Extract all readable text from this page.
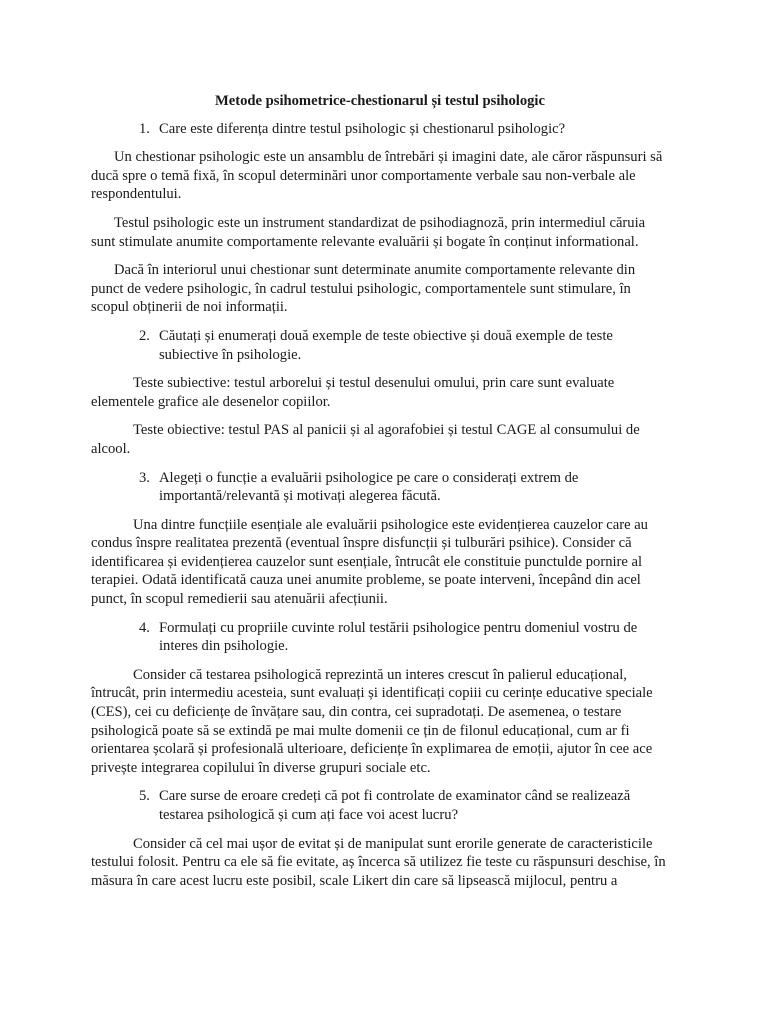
Metode psihometrice-chestionarul și testul psihologic
1. Care este diferența dintre testul psihologic și chestionarul psihologic?

Un chestionar psihologic este un ansamblu de întrebări și imagini date, ale căror răspunsuri să ducă spre o temă fixă, în scopul determinări unor comportamente verbale sau non-verbale ale respondentului.

Testul psihologic este un instrument standardizat de psihodiagnoză, prin intermediul căruia sunt stimulate anumite comportamente relevante evaluării și bogate în conținut informational.

Dacă în interiorul unui chestionar sunt determinate anumite comportamente relevante din punct de vedere psihologic, în cadrul testului psihologic, comportamentele sunt stimulare, în scopul obținerii de noi informații.

2. Căutați și enumerați două exemple de teste obiective și două exemple de teste subiective în psihologie.

Teste subiective: testul arborelui și testul desenului omului, prin care sunt evaluate elementele grafice ale desenelor copiilor.

Teste obiective: testul PAS al panicii și al agorafobiei și testul CAGE al consumului de alcool.

3. Alegeți o funcție a evaluării psihologice pe care o considerați extrem de importantă/relevantă și motivați alegerea făcută.

Una dintre funcțiile esențiale ale evaluării psihologice este evidențierea cauzelor care au condus înspre realitatea prezentă (eventual înspre disfuncții și tulburări psihice). Consider că identificarea și evidențierea cauzelor sunt esențiale, întrucât ele constituie punctulde pornire al terapiei. Odată identificată cauza unei anumite probleme, se poate interveni, începând din acel punct, în scopul remedierii sau atenuării afecțiunii.

4. Formulați cu propriile cuvinte rolul testării psihologice pentru domeniul vostru de interes din psihologie.

Consider că testarea psihologică reprezintă un interes crescut în palierul educațional, întrucât, prin intermediu acesteia, sunt evaluați și identificați copiii cu cerințe educative speciale (CES), cei cu deficiențe de învățare sau, din contra, cei supradotați. De asemenea, o testare psihologică poate să se extindă pe mai multe domenii ce țin de filonul educațional, cum ar fi orientarea școlară și profesională ulterioare, deficiențe în explimarea de emoții, ajutor în cee ace privește integrarea copilului în diverse grupuri sociale etc.

5. Care surse de eroare credeți că pot fi controlate de examinator când se realizează testarea psihologică și cum ați face voi acest lucru?

Consider că cel mai ușor de evitat și de manipulat sunt erorile generate de caracteristicile testului folosit. Pentru ca ele să fie evitate, aș încerca să utilizez fie teste cu răspunsuri deschise, în măsura în care acest lucru este posibil, scale Likert din care să lipsească mijlocul, pentru a
